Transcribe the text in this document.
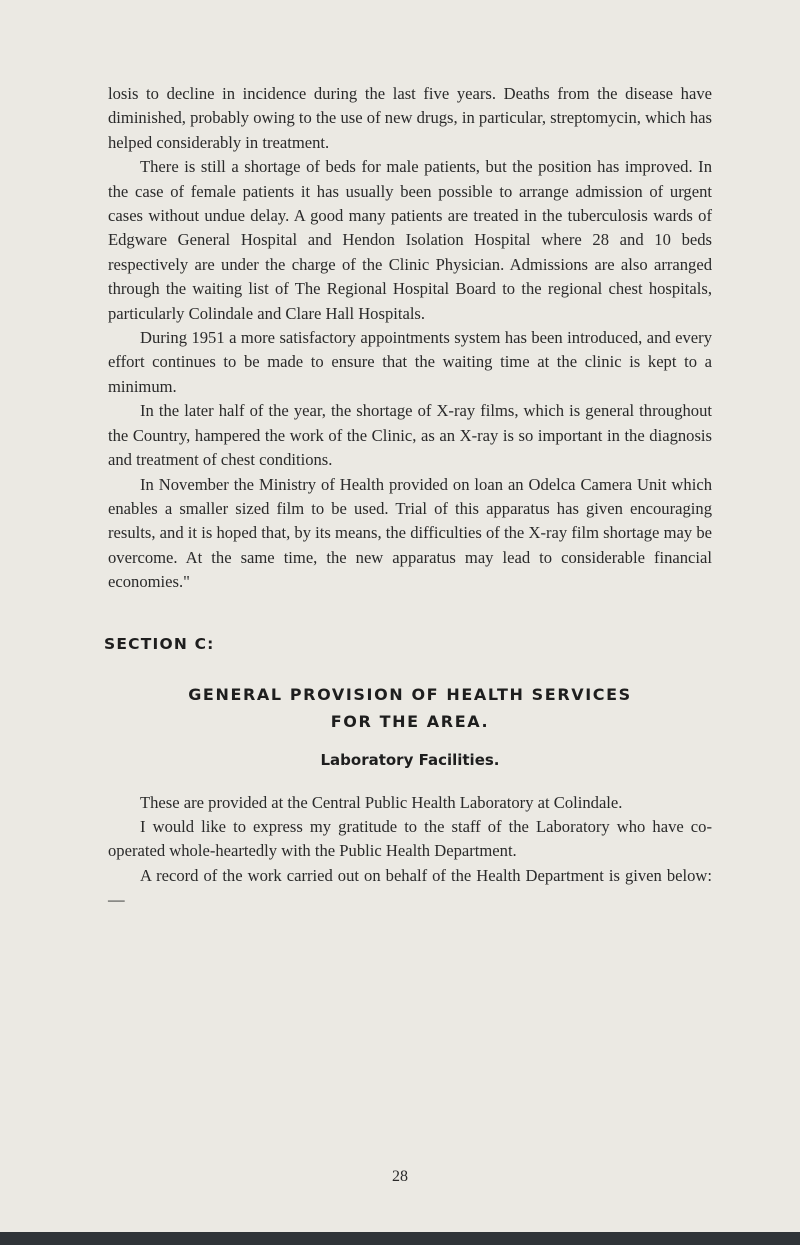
losis to decline in incidence during the last five years. Deaths from the disease have diminished, probably owing to the use of new drugs, in particular, streptomycin, which has helped considerably in treatment.

There is still a shortage of beds for male patients, but the position has improved. In the case of female patients it has usually been possible to arrange admission of urgent cases without undue delay. A good many patients are treated in the tuberculosis wards of Edgware General Hospital and Hendon Isolation Hospital where 28 and 10 beds respectively are under the charge of the Clinic Physician. Admissions are also arranged through the waiting list of The Regional Hospital Board to the regional chest hospitals, particularly Colindale and Clare Hall Hospitals.

During 1951 a more satisfactory appointments system has been introduced, and every effort continues to be made to ensure that the waiting time at the clinic is kept to a minimum.

In the later half of the year, the shortage of X-ray films, which is general throughout the Country, hampered the work of the Clinic, as an X-ray is so important in the diagnosis and treatment of chest conditions.

In November the Ministry of Health provided on loan an Odelca Camera Unit which enables a smaller sized film to be used. Trial of this apparatus has given encouraging results, and it is hoped that, by its means, the difficulties of the X-ray film shortage may be overcome. At the same time, the new apparatus may lead to considerable financial economies."

SECTION C:
GENERAL PROVISION OF HEALTH SERVICES
FOR THE AREA.
Laboratory Facilities.

These are provided at the Central Public Health Laboratory at Colindale.

I would like to express my gratitude to the staff of the Laboratory who have co-operated whole-heartedly with the Public Health Department.

A record of the work carried out on behalf of the Health Department is given below:—

28
